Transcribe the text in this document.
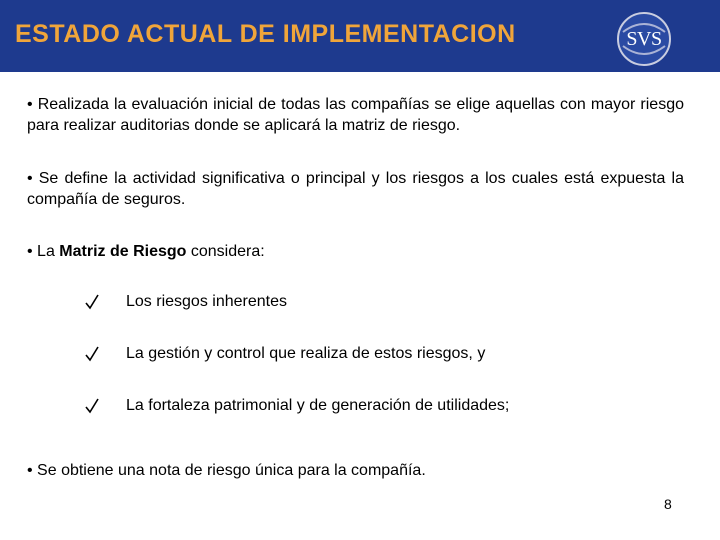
ESTADO ACTUAL DE IMPLEMENTACION	SVS
• Realizada la evaluación inicial de todas las compañías se elige aquellas con mayor riesgo para realizar auditorias donde se aplicará la matriz de riesgo.
• Se define la actividad significativa o principal y los riesgos a los cuales está expuesta la compañía de seguros.
• La Matriz de Riesgo considera:
Los riesgos inherentes
La gestión y control que realiza de estos riesgos, y
La fortaleza patrimonial y de generación de utilidades;
• Se obtiene una nota de riesgo única para la compañía.
8
